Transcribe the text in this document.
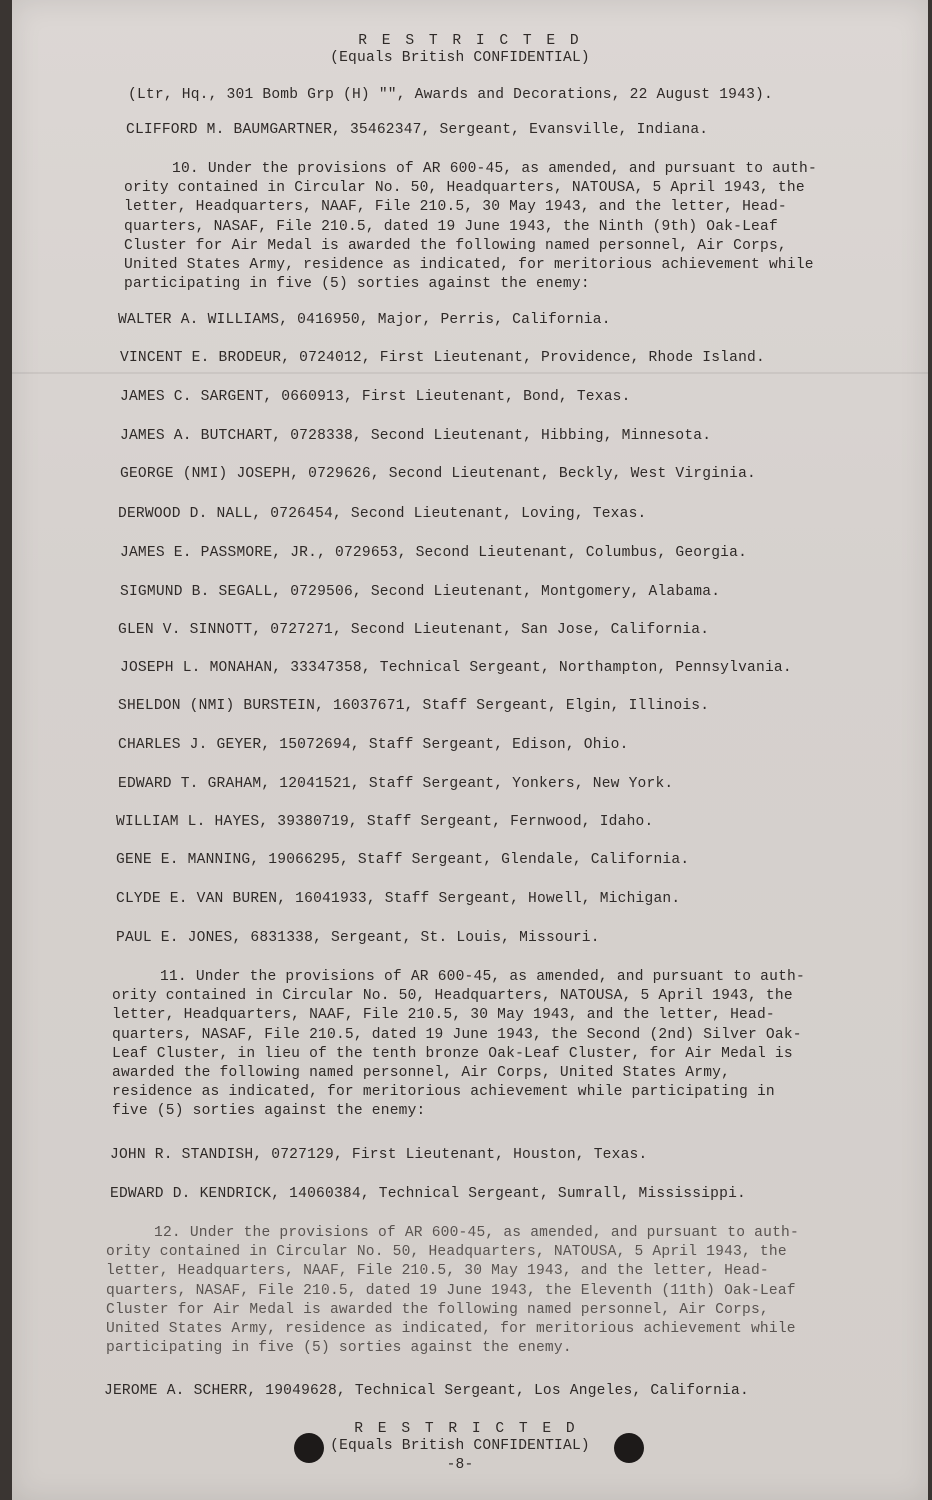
R E S T R I C T E D
(Equals British CONFIDENTIAL)
(Ltr, Hq., 301 Bomb Grp (H) "", Awards and Decorations, 22 August 1943).
CLIFFORD M. BAUMGARTNER, 35462347, Sergeant, Evansville, Indiana.
10. Under the provisions of AR 600-45, as amended, and pursuant to auth-
ority contained in Circular No. 50, Headquarters, NATOUSA, 5 April 1943, the
letter, Headquarters, NAAF, File 210.5, 30 May 1943, and the letter, Head-
quarters, NASAF, File 210.5, dated 19 June 1943, the Ninth (9th) Oak-Leaf
Cluster for Air Medal is awarded the following named personnel, Air Corps,
United States Army, residence as indicated, for meritorious achievement while
participating in five (5) sorties against the enemy:
WALTER A. WILLIAMS, 0416950, Major, Perris, California.
VINCENT E. BRODEUR, 0724012, First Lieutenant, Providence, Rhode Island.
JAMES C. SARGENT, 0660913, First Lieutenant, Bond, Texas.
JAMES A. BUTCHART, 0728338, Second Lieutenant, Hibbing, Minnesota.
GEORGE (NMI) JOSEPH, 0729626, Second Lieutenant, Beckly, West Virginia.
DERWOOD D. NALL, 0726454, Second Lieutenant, Loving, Texas.
JAMES E. PASSMORE, JR., 0729653, Second Lieutenant, Columbus, Georgia.
SIGMUND B. SEGALL, 0729506, Second Lieutenant, Montgomery, Alabama.
GLEN V. SINNOTT, 0727271, Second Lieutenant, San Jose, California.
JOSEPH L. MONAHAN, 33347358, Technical Sergeant, Northampton, Pennsylvania.
SHELDON (NMI) BURSTEIN, 16037671, Staff Sergeant, Elgin, Illinois.
CHARLES J. GEYER, 15072694, Staff Sergeant, Edison, Ohio.
EDWARD T. GRAHAM, 12041521, Staff Sergeant, Yonkers, New York.
WILLIAM L. HAYES, 39380719, Staff Sergeant, Fernwood, Idaho.
GENE E. MANNING, 19066295, Staff Sergeant, Glendale, California.
CLYDE E. VAN BUREN, 16041933, Staff Sergeant, Howell, Michigan.
PAUL E. JONES, 6831338, Sergeant, St. Louis, Missouri.
11. Under the provisions of AR 600-45, as amended, and pursuant to auth-
ority contained in Circular No. 50, Headquarters, NATOUSA, 5 April 1943, the
letter, Headquarters, NAAF, File 210.5, 30 May 1943, and the letter, Head-
quarters, NASAF, File 210.5, dated 19 June 1943, the Second (2nd) Silver Oak-
Leaf Cluster, in lieu of the tenth bronze Oak-Leaf Cluster, for Air Medal is
awarded the following named personnel, Air Corps, United States Army,
residence as indicated, for meritorious achievement while participating in
five (5) sorties against the enemy:
JOHN R. STANDISH, 0727129, First Lieutenant, Houston, Texas.
EDWARD D. KENDRICK, 14060384, Technical Sergeant, Sumrall, Mississippi.
12. Under the provisions of AR 600-45, as amended, and pursuant to auth-
ority contained in Circular No. 50, Headquarters, NATOUSA, 5 April 1943, the
letter, Headquarters, NAAF, File 210.5, 30 May 1943, and the letter, Head-
quarters, NASAF, File 210.5, dated 19 June 1943, the Eleventh (11th) Oak-Leaf
Cluster for Air Medal is awarded the following named personnel, Air Corps,
United States Army, residence as indicated, for meritorious achievement while
participating in five (5) sorties against the enemy.
JEROME A. SCHERR, 19049628, Technical Sergeant, Los Angeles, California.
R E S T R I C T E D
(Equals British CONFIDENTIAL)
-8-
